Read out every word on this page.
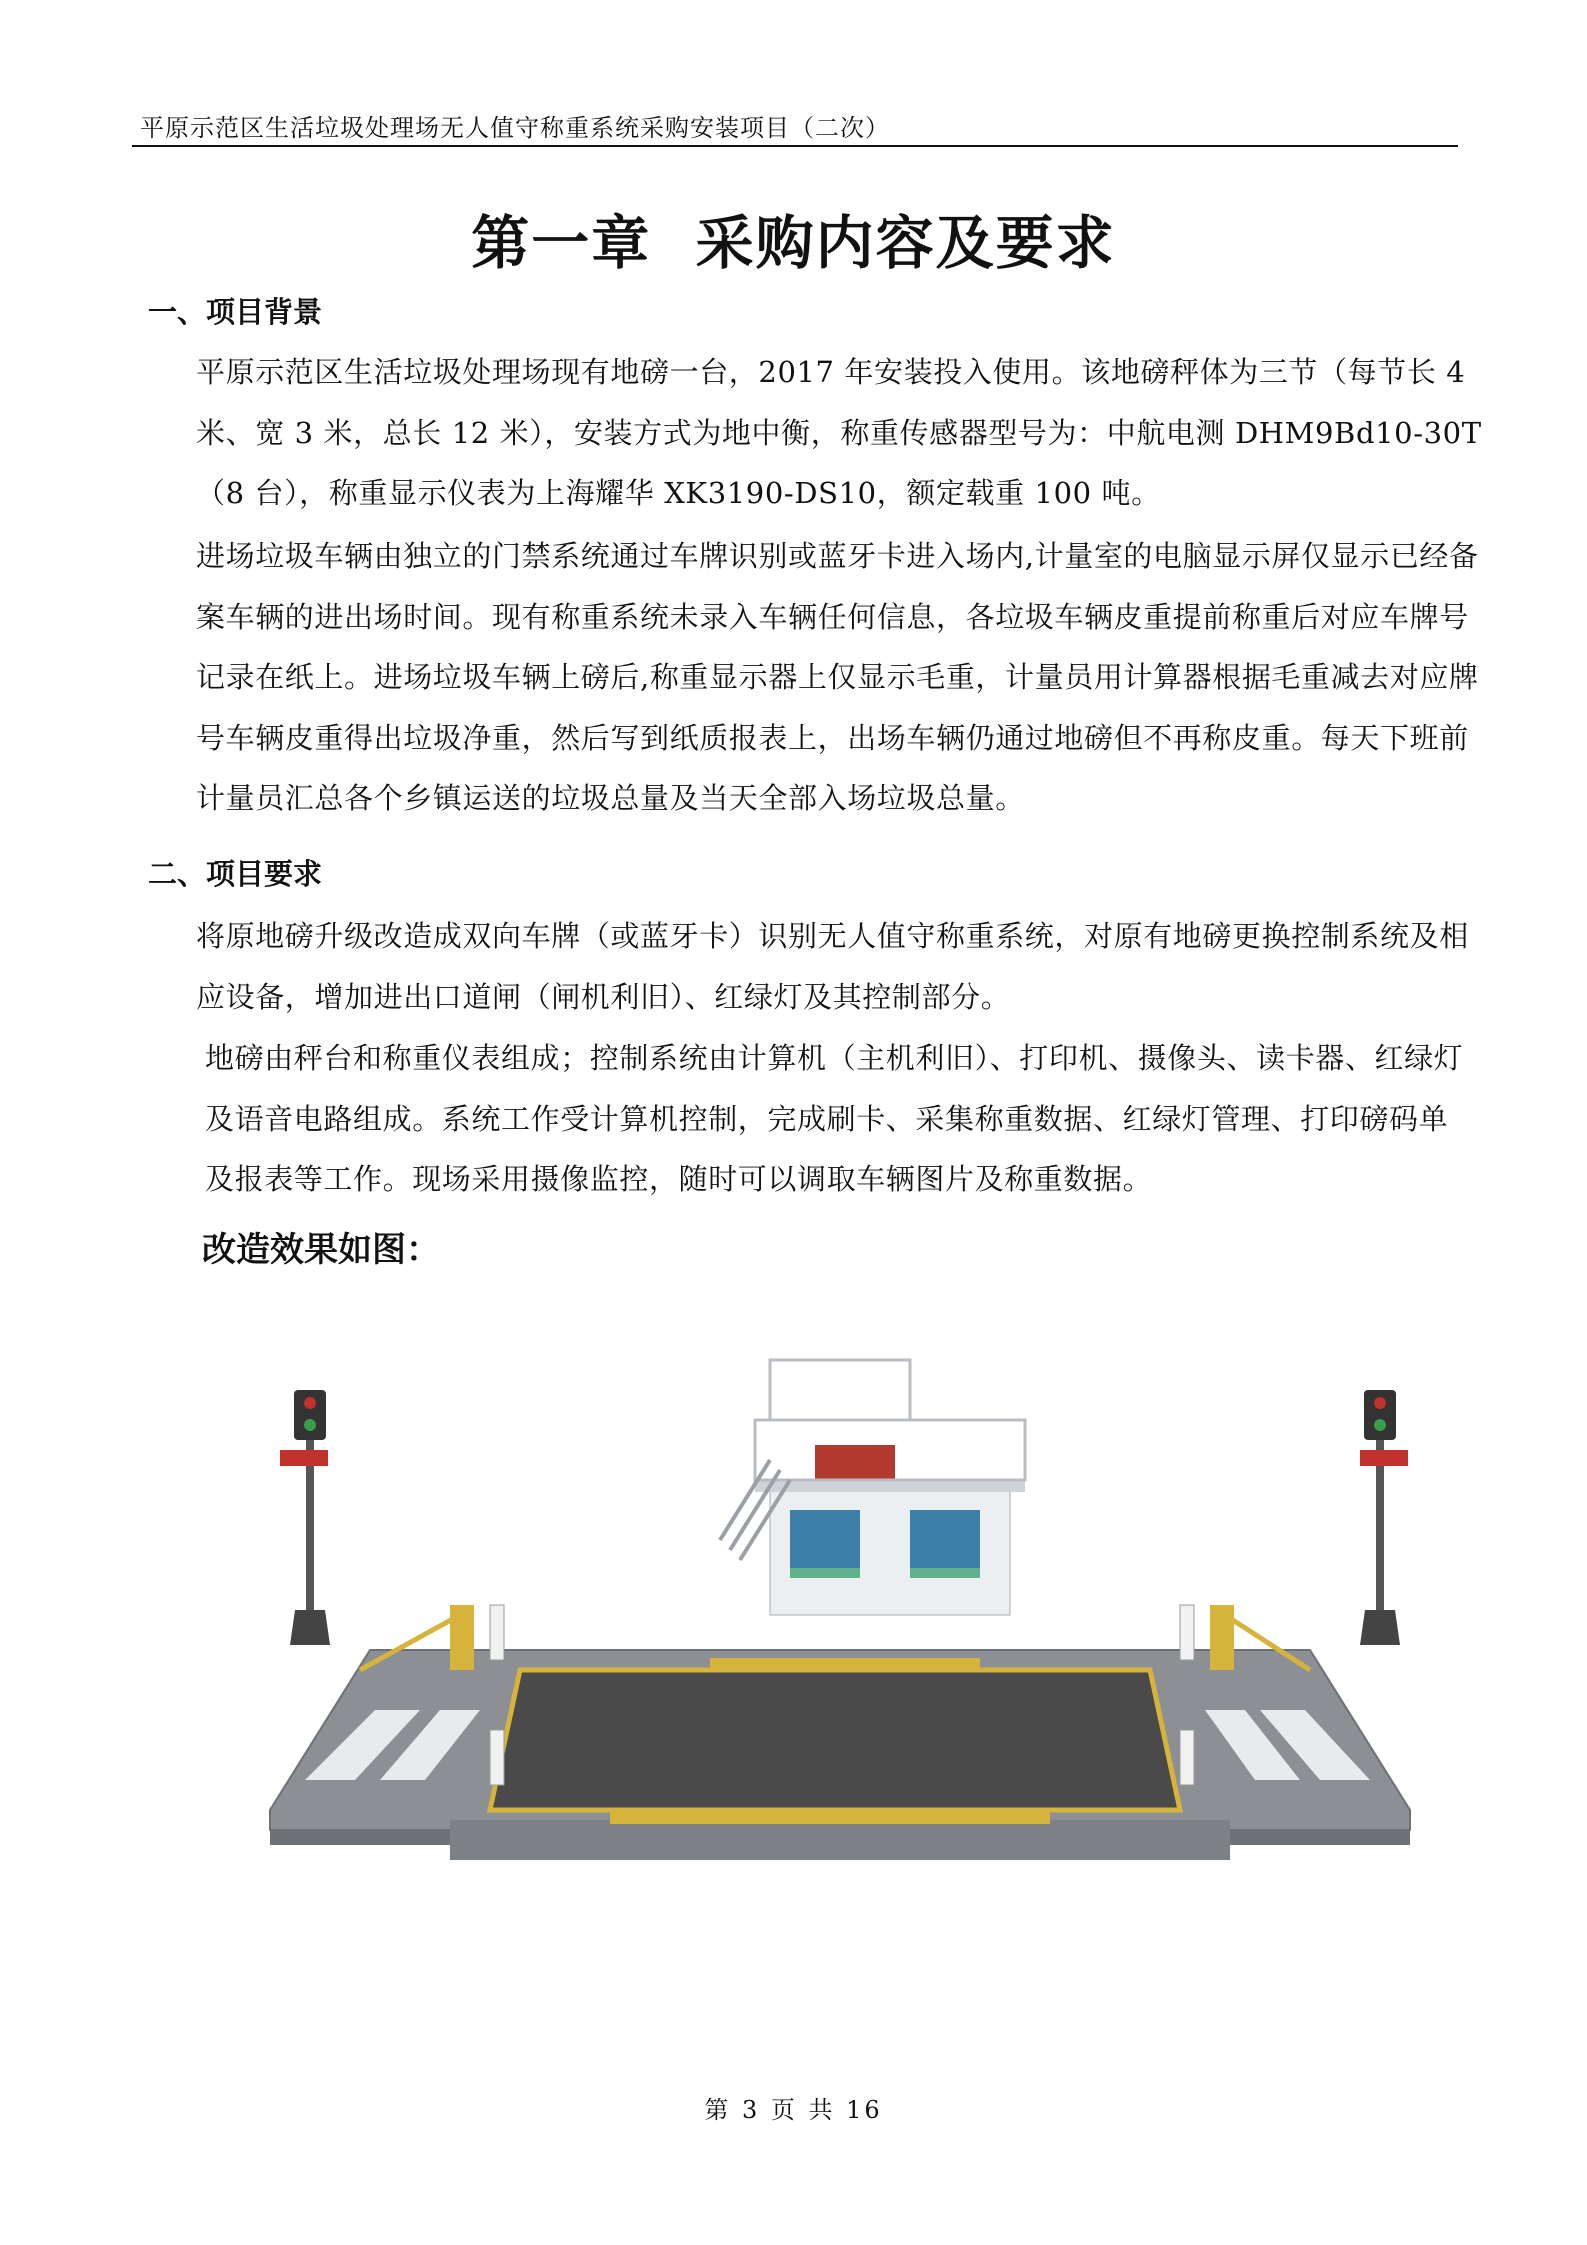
平原示范区生活垃圾处理场无人值守称重系统采购安装项目（二次）
第一章  采购内容及要求
一、项目背景
平原示范区生活垃圾处理场现有地磅一台，2017 年安装投入使用。该地磅秤体为三节（每节长 4 米、宽 3 米，总长 12 米），安装方式为地中衡，称重传感器型号为：中航电测 DHM9Bd10-30T（8 台），称重显示仪表为上海耀华 XK3190-DS10，额定载重 100 吨。
进场垃圾车辆由独立的门禁系统通过车牌识别或蓝牙卡进入场内,计量室的电脑显示屏仅显示已经备案车辆的进出场时间。现有称重系统未录入车辆任何信息，各垃圾车辆皮重提前称重后对应车牌号记录在纸上。进场垃圾车辆上磅后,称重显示器上仅显示毛重，计量员用计算器根据毛重减去对应牌号车辆皮重得出垃圾净重，然后写到纸质报表上，出场车辆仍通过地磅但不再称皮重。每天下班前计量员汇总各个乡镇运送的垃圾总量及当天全部入场垃圾总量。
二、项目要求
将原地磅升级改造成双向车牌（或蓝牙卡）识别无人值守称重系统，对原有地磅更换控制系统及相应设备，增加进出口道闸（闸机利旧）、红绿灯及其控制部分。
地磅由秤台和称重仪表组成；控制系统由计算机（主机利旧）、打印机、摄像头、读卡器、红绿灯及语音电路组成。系统工作受计算机控制，完成刷卡、采集称重数据、红绿灯管理、打印磅码单及报表等工作。现场采用摄像监控，随时可以调取车辆图片及称重数据。
改造效果如图：
第 3 页 共 16
